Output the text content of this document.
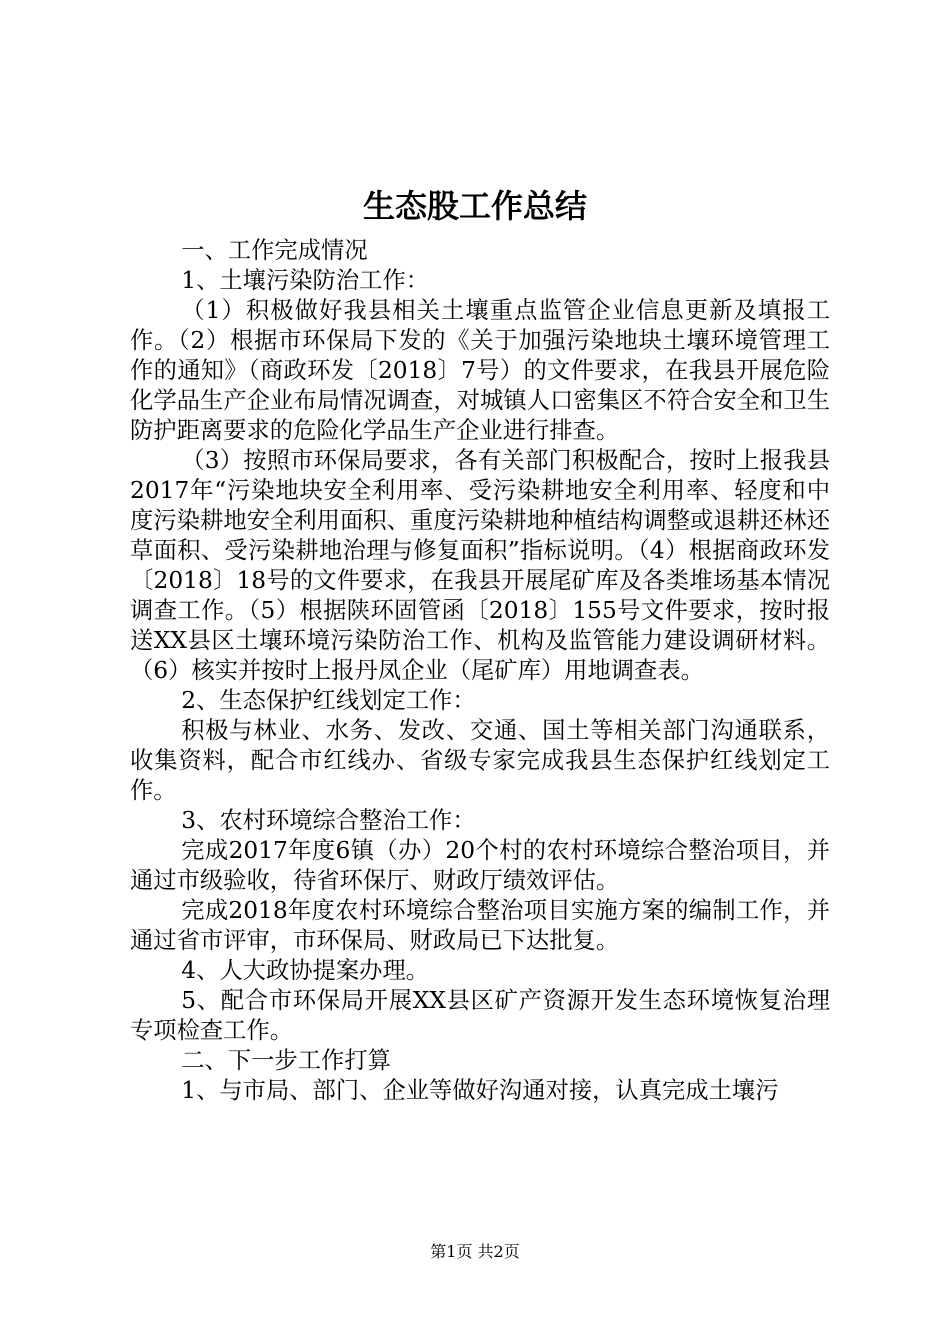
生态股工作总结

一、工作完成情况

1、土壤污染防治工作：

（1）积极做好我县相关土壤重点监管企业信息更新及填报工作。（2）根据市环保局下发的《关于加强污染地块土壤环境管理工作的通知》（商政环发〔2018〕7号）的文件要求，在我县开展危险化学品生产企业布局情况调查，对城镇人口密集区不符合安全和卫生防护距离要求的危险化学品生产企业进行排查。

（3）按照市环保局要求，各有关部门积极配合，按时上报我县2017年“污染地块安全利用率、受污染耕地安全利用率、轻度和中度污染耕地安全利用面积、重度污染耕地种植结构调整或退耕还林还草面积、受污染耕地治理与修复面积”指标说明。（4）根据商政环发〔2018〕18号的文件要求，在我县开展尾矿库及各类堆场基本情况调查工作。（5）根据陕环固管函〔2018〕155号文件要求，按时报送XX县区土壤环境污染防治工作、机构及监管能力建设调研材料。（6）核实并按时上报丹凤企业（尾矿库）用地调查表。

2、生态保护红线划定工作：

积极与林业、水务、发改、交通、国土等相关部门沟通联系，收集资料，配合市红线办、省级专家完成我县生态保护红线划定工作。

3、农村环境综合整治工作：

完成2017年度6镇（办）20个村的农村环境综合整治项目，并通过市级验收，待省环保厅、财政厅绩效评估。

完成2018年度农村环境综合整治项目实施方案的编制工作，并通过省市评审，市环保局、财政局已下达批复。

4、人大政协提案办理。

5、配合市环保局开展XX县区矿产资源开发生态环境恢复治理专项检查工作。

二、下一步工作打算

1、与市局、部门、企业等做好沟通对接，认真完成土壤污

第1页 共2页
